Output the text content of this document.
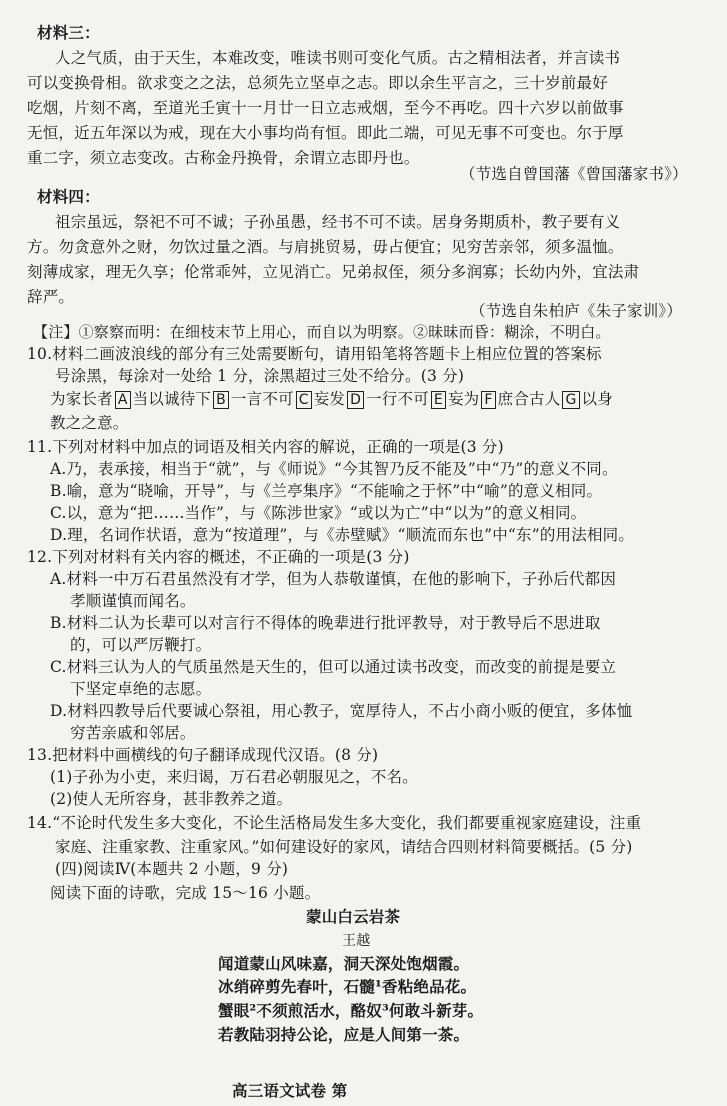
材料三：
人之气质，由于天生，本难改变，唯读书则可变化气质。古之精相法者，并言读书
可以变换骨相。欲求变之之法，总须先立坚卓之志。即以余生平言之，三十岁前最好
吃烟，片刻不离，至道光壬寅十一月廿一日立志戒烟，至今不再吃。四十六岁以前做事
无恒，近五年深以为戒，现在大小事均尚有恒。即此二端，可见无事不可变也。尔于厚
重二字，须立志变改。古称金丹换骨，余谓立志即丹也。
（节选自曾国藩《曾国藩家书》）
材料四：
祖宗虽远，祭祀不可不诚；子孙虽愚，经书不可不读。居身务期质朴，教子要有义
方。勿贪意外之财，勿饮过量之酒。与肩挑贸易，毋占便宜；见穷苦亲邻，须多温恤。
刻薄成家，理无久享；伦常乖舛，立见消亡。兄弟叔侄，须分多润寡；长幼内外，宜法肃
辞严。
（节选自朱柏庐《朱子家训》）
【注】①察察而明：在细枝末节上用心，而自以为明察。②昧昧而昏：糊涂，不明白。
10.材料二画波浪线的部分有三处需要断句，请用铅笔将答题卡上相应位置的答案标
号涂黑，每涂对一处给 1 分，涂黑超过三处不给分。(3 分)
11.下列对材料中加点的词语及相关内容的解说，正确的一项是(3 分)
A.乃，表承接，相当于“就”，与《师说》“今其智乃反不能及”中“乃”的意义不同。
B.喻，意为“晓喻，开导”，与《兰亭集序》“不能喻之于怀”中“喻”的意义相同。
C.以，意为“把……当作”，与《陈涉世家》“或以为亡”中“以为”的意义相同。
D.理，名词作状语，意为“按道理”，与《赤壁赋》“顺流而东也”中“东”的用法相同。
12.下列对材料有关内容的概述，不正确的一项是(3 分)
A.材料一中万石君虽然没有才学，但为人恭敬谨慎，在他的影响下，子孙后代都因
孝顺谨慎而闻名。
B.材料二认为长辈可以对言行不得体的晚辈进行批评教导，对于教导后不思进取
的，可以严厉鞭打。
C.材料三认为人的气质虽然是天生的，但可以通过读书改变，而改变的前提是要立
下坚定卓绝的志愿。
D.材料四教导后代要诚心祭祖，用心教子，宽厚待人，不占小商小贩的便宜，多体恤
穷苦亲戚和邻居。
13.把材料中画横线的句子翻译成现代汉语。(8 分)
(1)子孙为小吏，来归谒，万石君必朝服见之，不名。
(2)使人无所容身，甚非教养之道。
14.“不论时代发生多大变化，不论生活格局发生多大变化，我们都要重视家庭建设，注重
家庭、注重家教、注重家风。”如何建设好的家风，请结合四则材料简要概括。(5 分)
(四)阅读Ⅳ(本题共 2 小题，9 分)
阅读下面的诗歌，完成 15～16 小题。
蒙山白云岩茶
王越
闻道蒙山风味嘉，洞天深处饱烟霞。
冰绡碎剪先春叶，石髓¹香粘绝品花。
蟹眼²不须煎活水，酪奴³何敢斗新芽。
若教陆羽持公论，应是人间第一茶。
高三语文试卷 第
为家长者 A 当以诚待下 B 一言不可 C 妄发 D 一行不可 E 妄为 F 庶合古人 G 以身
教之之意。
